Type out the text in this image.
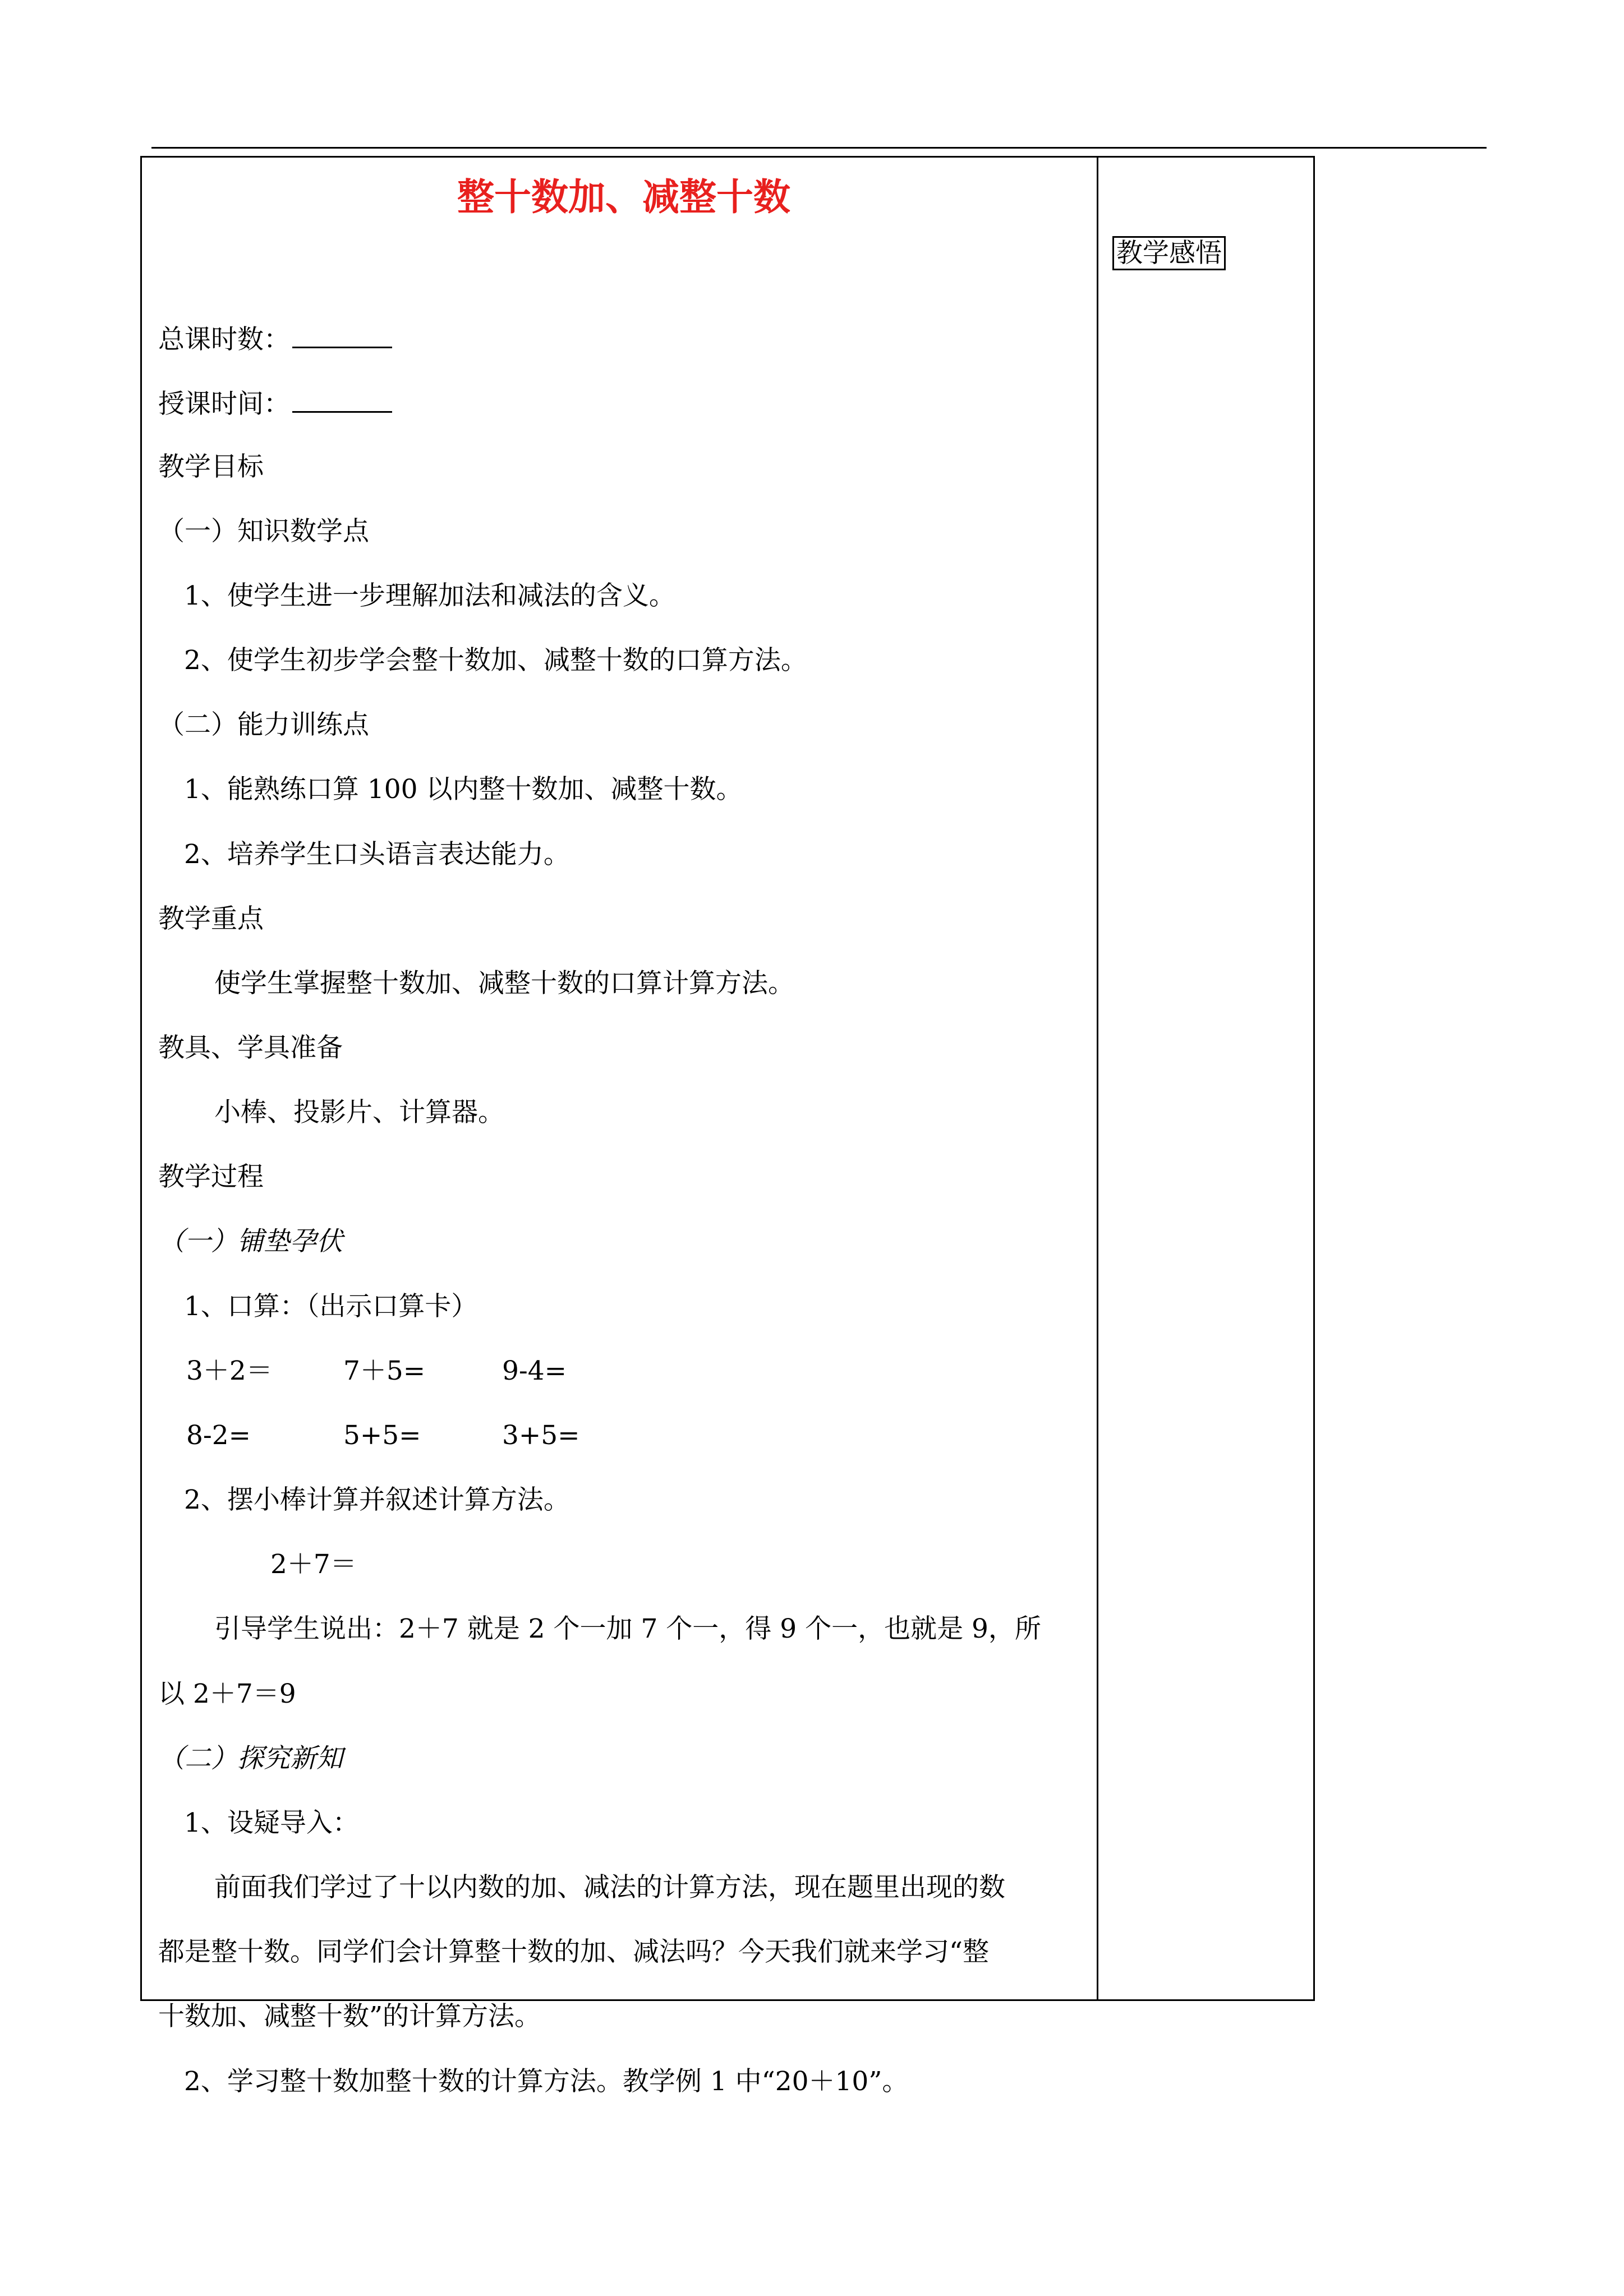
教学感悟
整十数加、减整十数
总课时数：
授课时间：
教学目标
（一）知识数学点
1、使学生进一步理解加法和减法的含义。
2、使学生初步学会整十数加、减整十数的口算方法。
（二）能力训练点
1、能熟练口算 100 以内整十数加、减整十数。
2、培养学生口头语言表达能力。
教学重点
使学生掌握整十数加、减整十数的口算计算方法。
教具、学具准备
小棒、投影片、计算器。
教学过程
（一）铺垫孕伏
1、口算：（出示口算卡）
3＋2＝	7＋5=	9-4=
8-2=	5+5=	3+5=
2、摆小棒计算并叙述计算方法。
2＋7＝
引导学生说出：2＋7 就是 2 个一加 7 个一，得 9 个一，也就是 9，所
以 2＋7＝9
（二）探究新知
1、设疑导入：
前面我们学过了十以内数的加、减法的计算方法，现在题里出现的数
都是整十数。同学们会计算整十数的加、减法吗？今天我们就来学习“整
十数加、减整十数”的计算方法。
2、学习整十数加整十数的计算方法。教学例 1 中“20＋10”。
